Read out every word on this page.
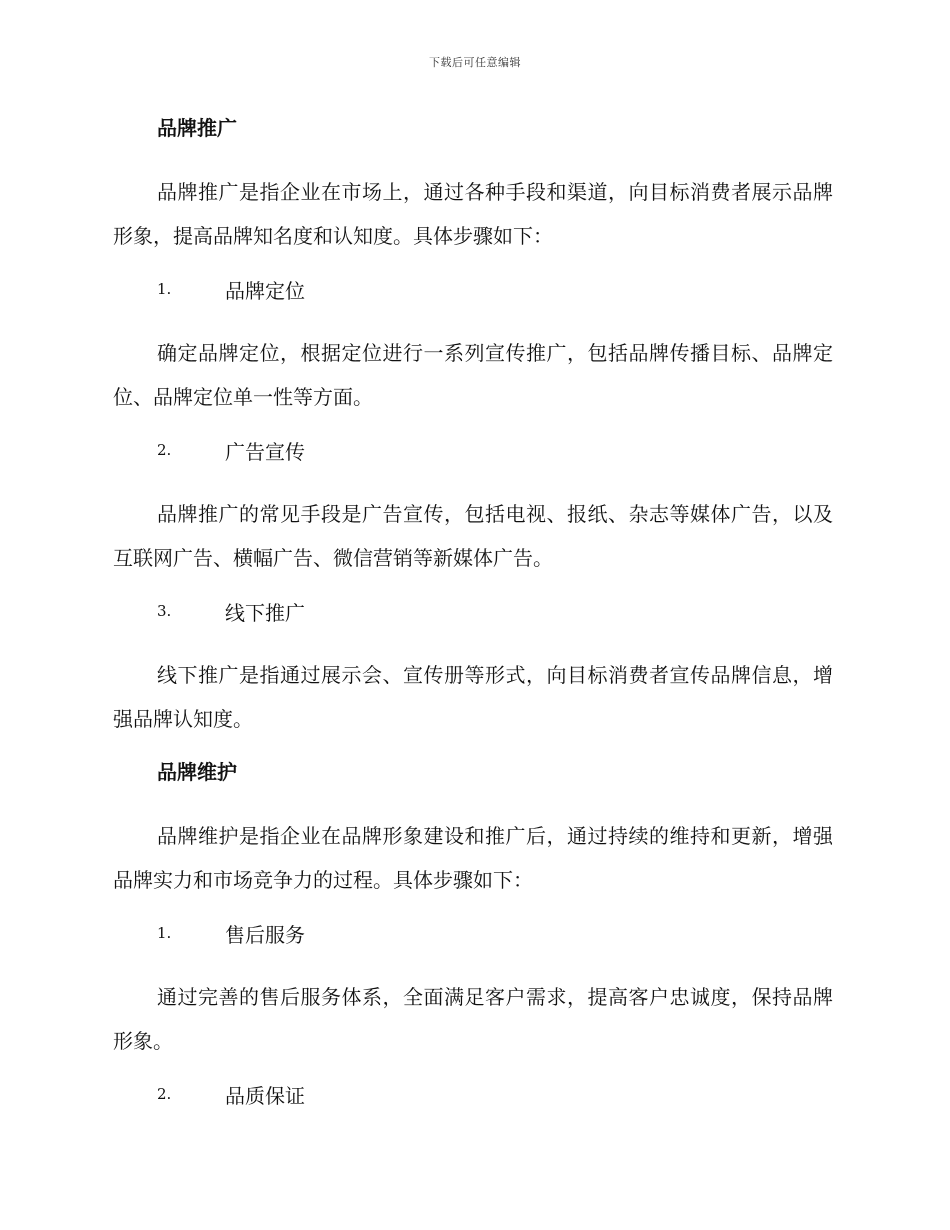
下载后可任意编辑
品牌推广

品牌推广是指企业在市场上，通过各种手段和渠道，向目标消费者展示品牌形象，提高品牌知名度和认知度。具体步骤如下：

1.	品牌定位

确定品牌定位，根据定位进行一系列宣传推广，包括品牌传播目标、品牌定位、品牌定位单一性等方面。

2.	广告宣传

品牌推广的常见手段是广告宣传，包括电视、报纸、杂志等媒体广告，以及互联网广告、横幅广告、微信营销等新媒体广告。

3.	线下推广

线下推广是指通过展示会、宣传册等形式，向目标消费者宣传品牌信息，增强品牌认知度。

品牌维护

品牌维护是指企业在品牌形象建设和推广后，通过持续的维持和更新，增强品牌实力和市场竞争力的过程。具体步骤如下：

1.	售后服务

通过完善的售后服务体系，全面满足客户需求，提高客户忠诚度，保持品牌形象。

2.	品质保证
